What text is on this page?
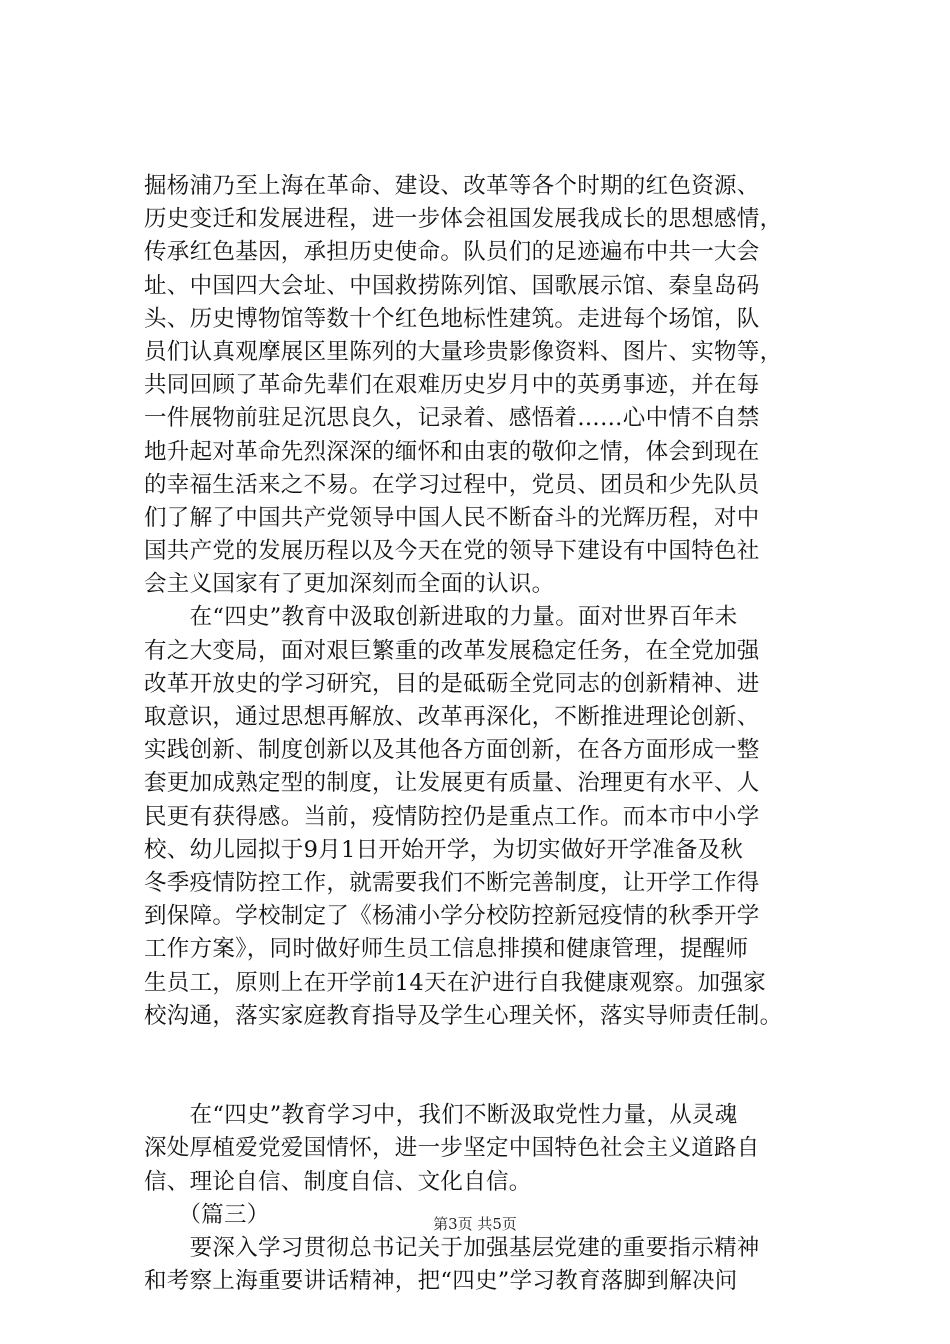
掘杨浦乃至上海在革命、建设、改革等各个时期的红色资源、
历史变迁和发展进程，进一步体会祖国发展我成长的思想感情，
传承红色基因，承担历史使命。队员们的足迹遍布中共一大会
址、中国四大会址、中国救捞陈列馆、国歌展示馆、秦皇岛码
头、历史博物馆等数十个红色地标性建筑。走进每个场馆，队
员们认真观摩展区里陈列的大量珍贵影像资料、图片、实物等，
共同回顾了革命先辈们在艰难历史岁月中的英勇事迹，并在每
一件展物前驻足沉思良久，记录着、感悟着……心中情不自禁
地升起对革命先烈深深的缅怀和由衷的敬仰之情，体会到现在
的幸福生活来之不易。在学习过程中，党员、团员和少先队员
们了解了中国共产党领导中国人民不断奋斗的光辉历程，对中
国共产党的发展历程以及今天在党的领导下建设有中国特色社
会主义国家有了更加深刻而全面的认识。
　　在“四史”教育中汲取创新进取的力量。面对世界百年未
有之大变局，面对艰巨繁重的改革发展稳定任务，在全党加强
改革开放史的学习研究，目的是砥砺全党同志的创新精神、进
取意识，通过思想再解放、改革再深化，不断推进理论创新、
实践创新、制度创新以及其他各方面创新，在各方面形成一整
套更加成熟定型的制度，让发展更有质量、治理更有水平、人
民更有获得感。当前，疫情防控仍是重点工作。而本市中小学
校、幼儿园拟于9月1日开始开学，为切实做好开学准备及秋
冬季疫情防控工作，就需要我们不断完善制度，让开学工作得
到保障。学校制定了《杨浦小学分校防控新冠疫情的秋季开学
工作方案》，同时做好师生员工信息排摸和健康管理，提醒师
生员工，原则上在开学前14天在沪进行自我健康观察。加强家
校沟通，落实家庭教育指导及学生心理关怀，落实导师责任制。
　　在“四史”教育学习中，我们不断汲取党性力量，从灵魂
深处厚植爱党爱国情怀，进一步坚定中国特色社会主义道路自
信、理论自信、制度自信、文化自信。
　　（篇三）
　　要深入学习贯彻总书记关于加强基层党建的重要指示精神
和考察上海重要讲话精神，把“四史”学习教育落脚到解决问
第3页 共5页
